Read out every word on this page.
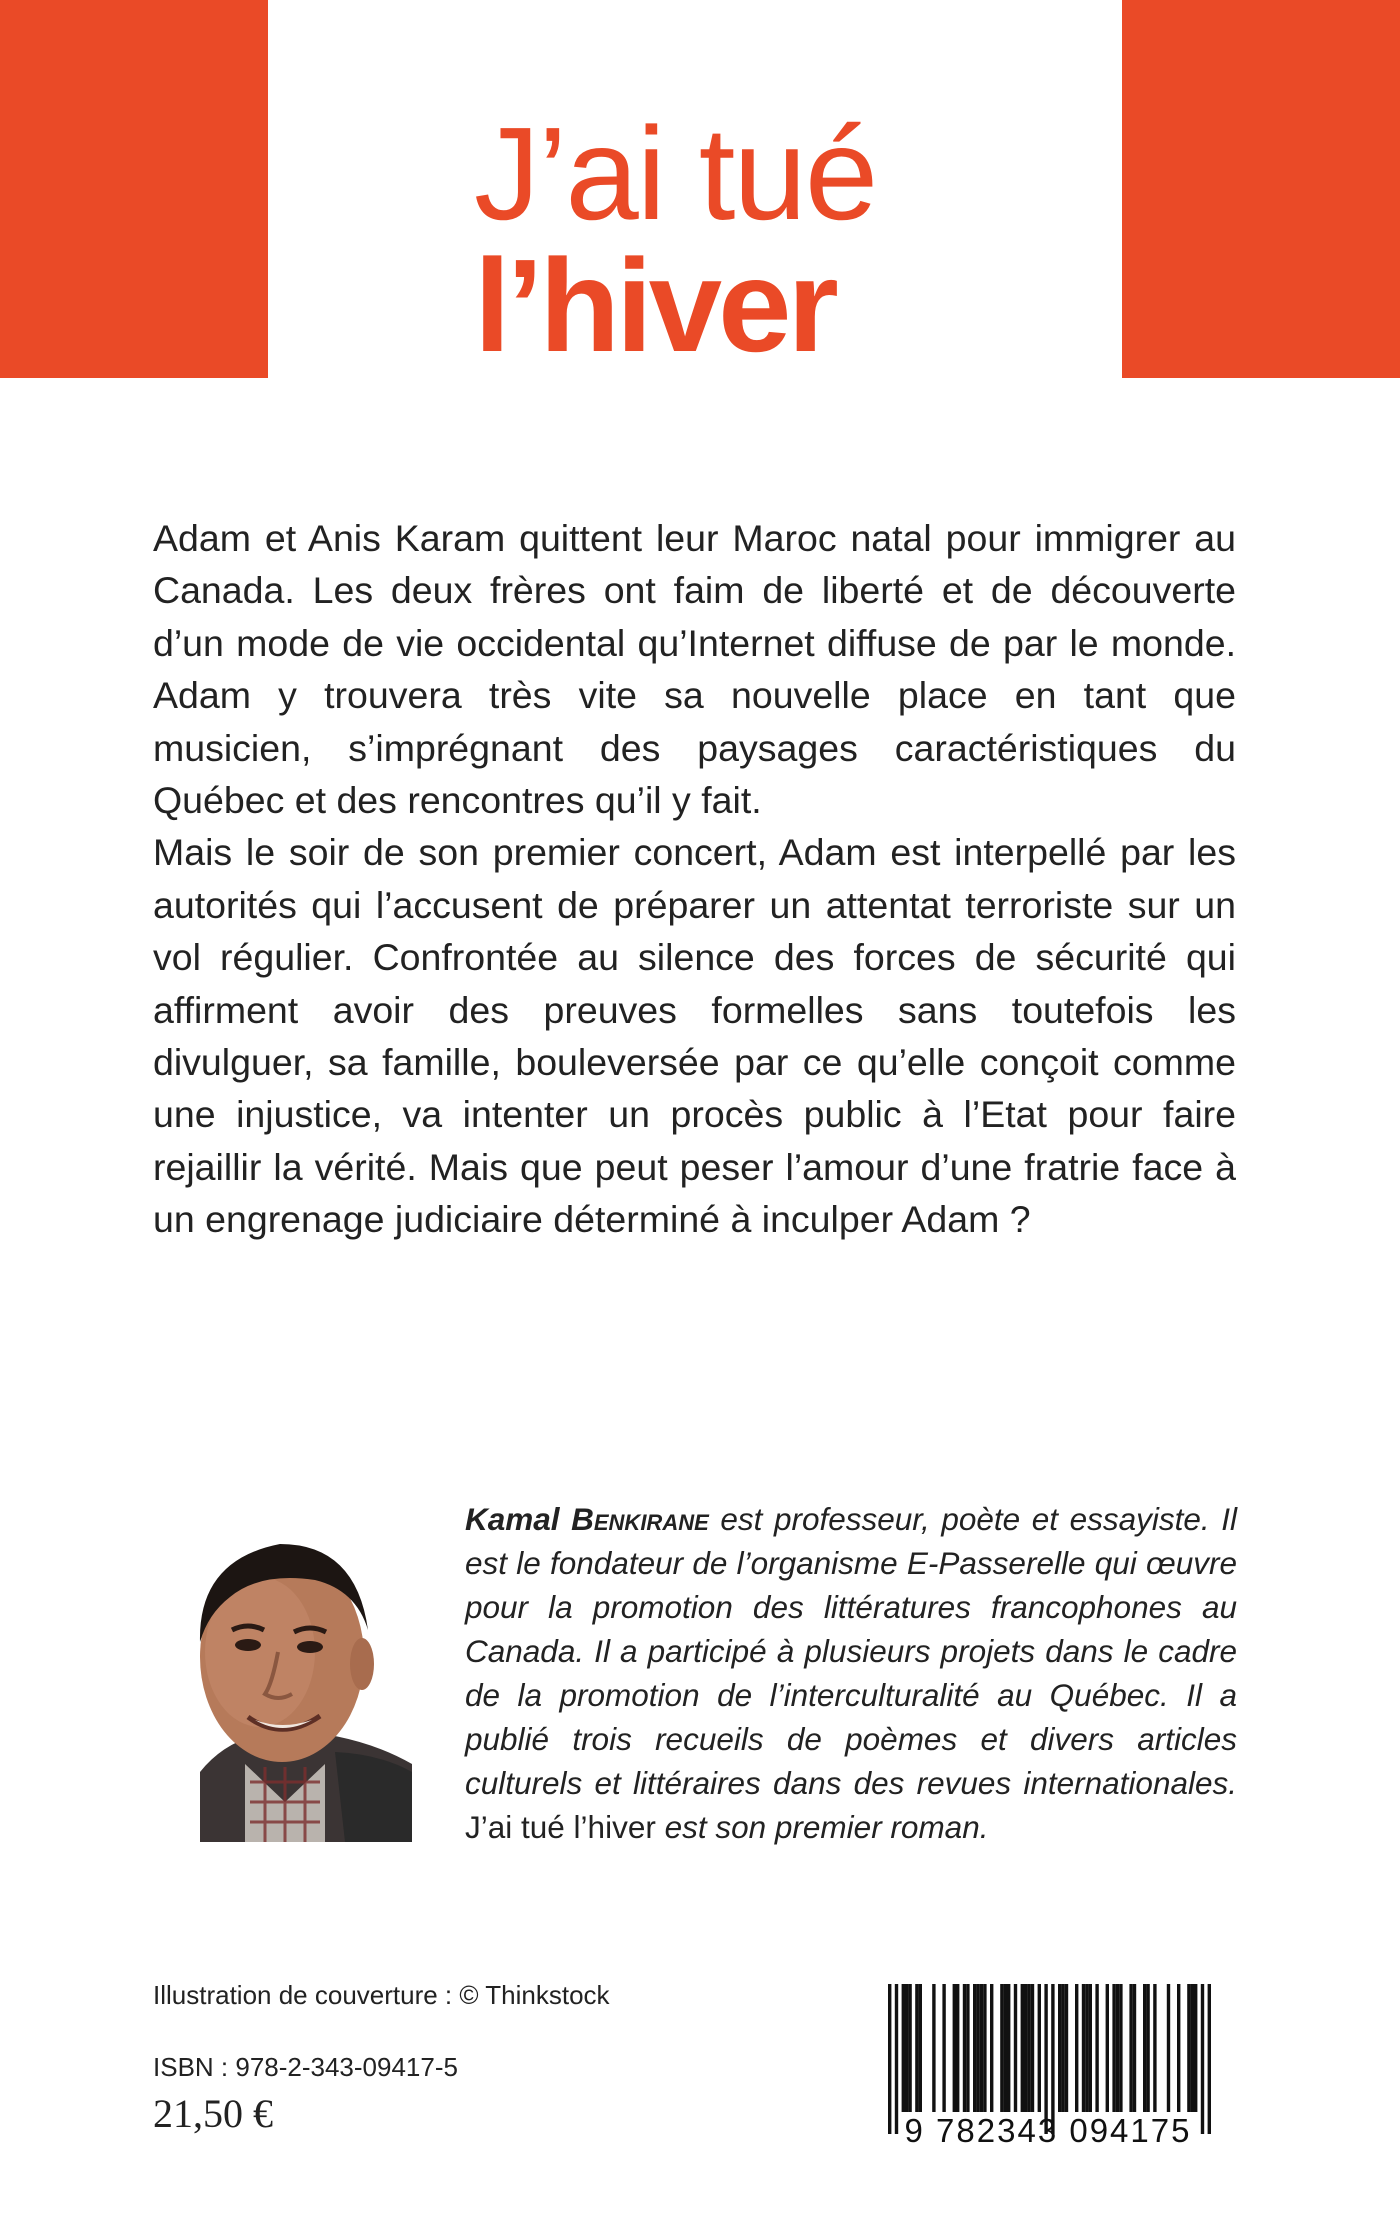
J’ai tué
l’hiver

Adam et Anis Karam quittent leur Maroc natal pour immigrer au Canada. Les deux frères ont faim de liberté et de découverte d’un mode de vie occidental qu’Internet diffuse de par le monde. Adam y trouvera très vite sa nouvelle place en tant que musicien, s’imprégnant des paysages caractéristiques du Québec et des rencontres qu’il y fait.

Mais le soir de son premier concert, Adam est interpellé par les autorités qui l’accusent de préparer un attentat terroriste sur un vol régulier. Confrontée au silence des forces de sécurité qui affirment avoir des preuves formelles sans toutefois les divulguer, sa famille, bouleversée par ce qu’elle conçoit comme une injustice, va intenter un procès public à l’Etat pour faire rejaillir la vérité. Mais que peut peser l’amour d’une fratrie face à un engrenage judiciaire déterminé à inculper Adam ?

Kamal Benkirane est professeur, poète et essayiste. Il est le fondateur de l’organisme E-Passerelle qui œuvre pour la promotion des littératures francophones au Canada. Il a participé à plusieurs projets dans le cadre de la promotion de l’interculturalité au Québec. Il a publié trois recueils de poèmes et divers articles culturels et littéraires dans des revues internationales. J’ai tué l’hiver est son premier roman.
Illustration de couverture : © Thinkstock
ISBN : 978-2-343-09417-5
21,50 €	9 782343 094175
